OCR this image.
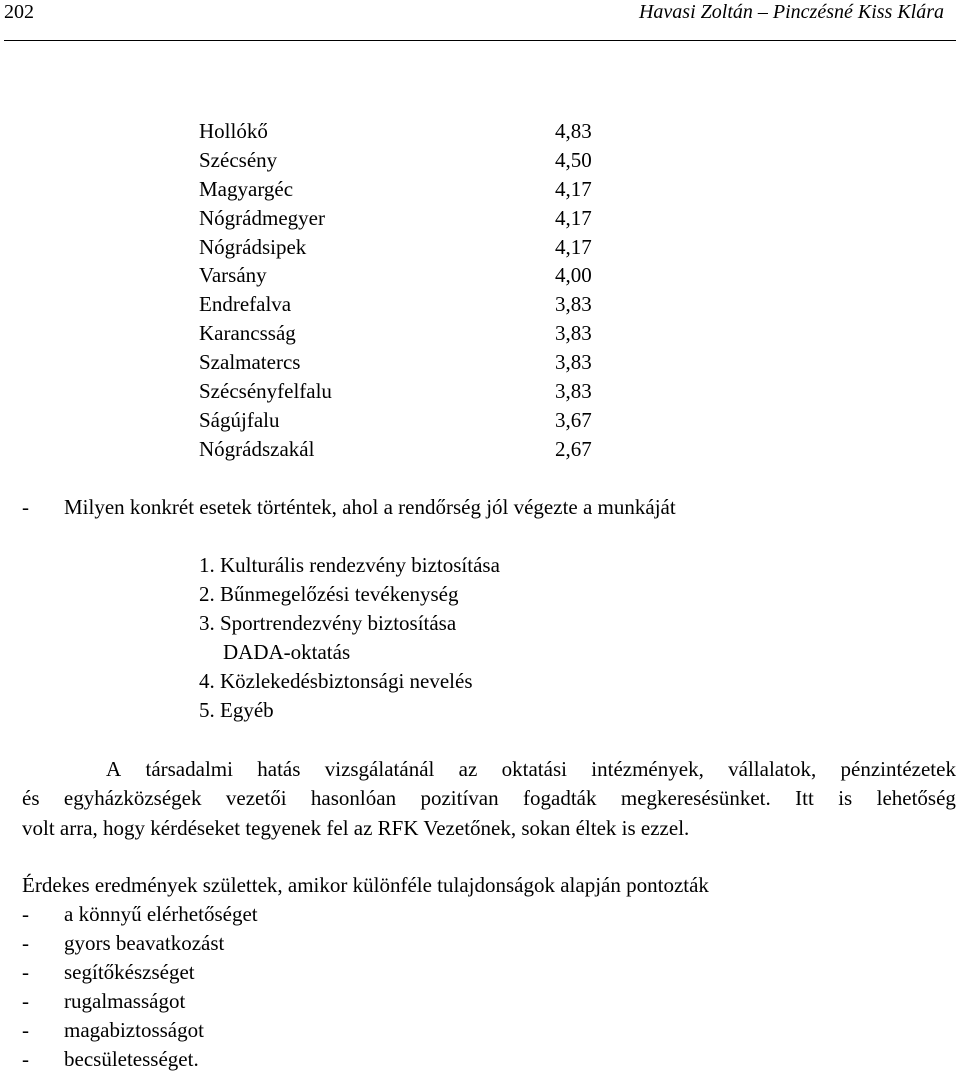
202	Havasi Zoltán – Pinczésné Kiss Klára
Hollókő	4,83
Szécsény	4,50
Magyargéc	4,17
Nógrádmegyer	4,17
Nógrádsipek	4,17
Varsány	4,00
Endrefalva	3,83
Karancsság	3,83
Szalmatercs	3,83
Szécsényfelfalu	3,83
Ságújfalu	3,67
Nógrádszakál	2,67
- Milyen konkrét esetek történtek, ahol a rendőrség jól végezte a munkáját
1. Kulturális rendezvény biztosítása
2. Bűnmegelőzési tevékenység
3. Sportrendezvény biztosítása
DADA-oktatás
4. Közlekedésbiztonsági nevelés
5. Egyéb
A társadalmi hatás vizsgálatánál az oktatási intézmények, vállalatok, pénzintézetek
és egyházközségek vezetői hasonlóan pozitívan fogadták megkeresésünket. Itt is lehetőség
volt arra, hogy kérdéseket tegyenek fel az RFK Vezetőnek, sokan éltek is ezzel.
Érdekes eredmények születtek, amikor különféle tulajdonságok alapján pontozták
- a könnyű elérhetőséget
- gyors beavatkozást
- segítőkészséget
- rugalmasságot
- magabiztosságot
- becsületességet.
